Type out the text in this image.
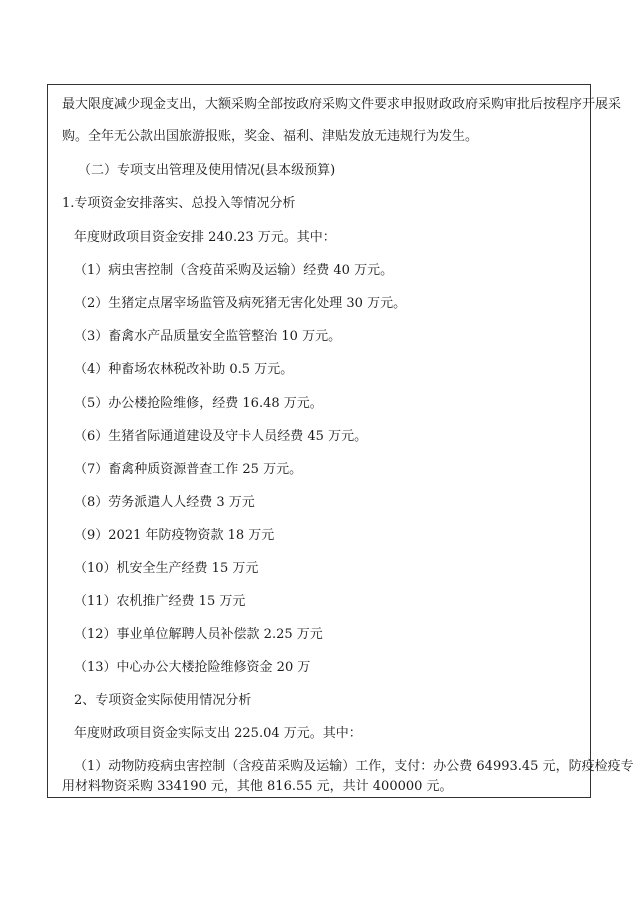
最大限度减少现金支出，大额采购全部按政府采购文件要求申报财政政府采购审批后按程序开展采
购。全年无公款出国旅游报账，奖金、福利、津贴发放无违规行为发生。
（二）专项支出管理及使用情况(县本级预算)
1.专项资金安排落实、总投入等情况分析
年度财政项目资金安排 240.23 万元。其中：
（1）病虫害控制（含疫苗采购及运输）经费 40 万元。
（2）生猪定点屠宰场监管及病死猪无害化处理 30 万元。
（3）畜禽水产品质量安全监管整治 10 万元。
（4）种畜场农林税改补助 0.5 万元。
（5）办公楼抢险维修，经费 16.48 万元。
（6）生猪省际通道建设及守卡人员经费 45 万元。
（7）畜禽种质资源普查工作 25 万元。
（8）劳务派遣人人经费 3 万元
（9）2021 年防疫物资款 18 万元
（10）机安全生产经费 15 万元
（11）农机推广经费 15 万元
（12）事业单位解聘人员补偿款 2.25 万元
（13）中心办公大楼抢险维修资金 20 万
2、专项资金实际使用情况分析
年度财政项目资金实际支出 225.04 万元。其中：
（1）动物防疫病虫害控制（含疫苗采购及运输）工作，支付：办公费 64993.45 元，防疫检疫专
用材料物资采购 334190 元，其他 816.55 元，共计 400000 元。
